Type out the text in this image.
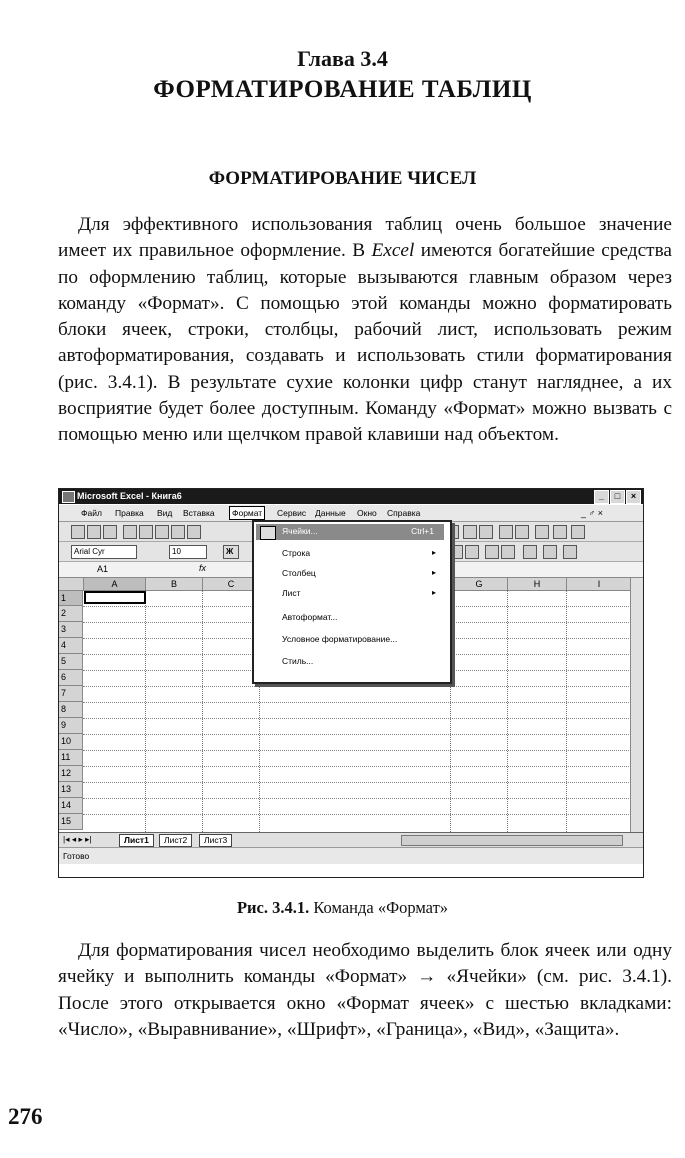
Глава 3.4
ФОРМАТИРОВАНИЕ ТАБЛИЦ
ФОРМАТИРОВАНИЕ ЧИСЕЛ
Для эффективного использования таблиц очень большое значение имеет их правильное оформление. В Excel имеются богатейшие средства по оформлению таблиц, которые вызываются главным образом через команду «Формат». С помощью этой команды можно форматировать блоки ячеек, строки, столбцы, рабочий лист, использовать режим автоформатирования, создавать и использовать стили форматирования (рис. 3.4.1). В результате сухие колонки цифр станут нагляднее, а их восприятие будет более доступным. Команду «Формат» можно вызвать с помощью меню или щелчком правой клавиши над объектом.
Microsoft Excel - Книга6	_	□	×
Файл Правка Вид Вставка	Формат	Сервис Данные Окно Справка	_ ♂ ×
Arial Cyr	10	Ж
A1	fx
A	B	C	G	H	I
1
2
3
4
5
6
7
8
9
10
11
12
13
14
15
|◂ ◂ ▸ ▸|	Лист1	Лист2	Лист3
Готово
Ячейки...	Ctrl+1
Строка	▸
Столбец	▸
Лист	▸
Автоформат...
Условное форматирование...
Стиль...
Рис. 3.4.1. Команда «Формат»
Для форматирования чисел необходимо выделить блок ячеек или одну ячейку и выполнить команды «Формат» → «Ячейки» (см. рис. 3.4.1). После этого открывается окно «Формат ячеек» с шестью вкладками: «Число», «Выравнивание», «Шрифт», «Граница», «Вид», «Защита».
276
